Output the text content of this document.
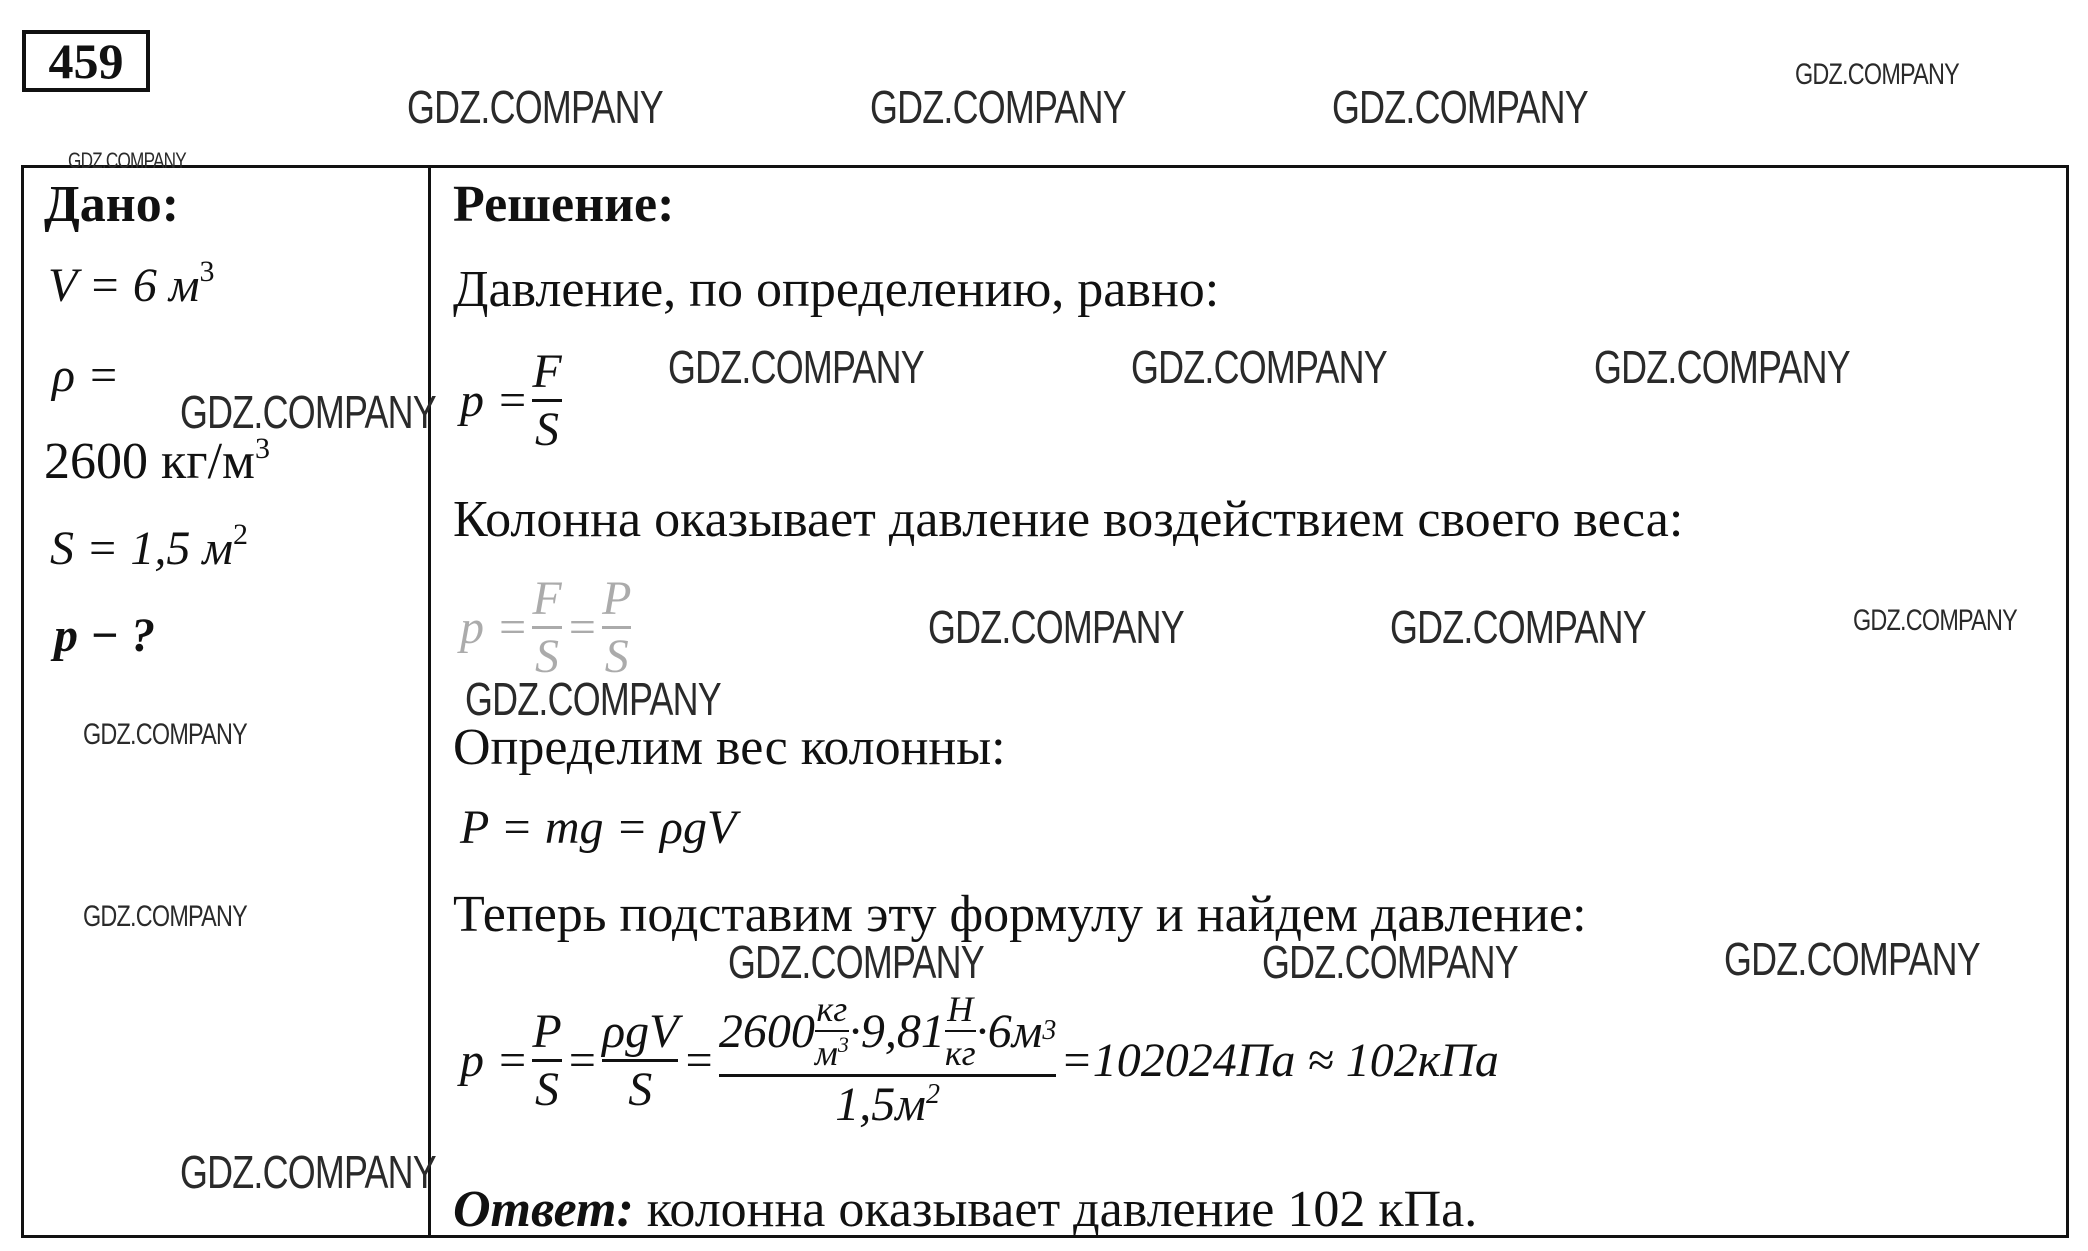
459
Дано:
V = 6 $м^3$
ρ =
2600 $кг/м^3$
S = 1,5 $м^2$
p − ?
Решение:
Давление, по определению, равно:
p =
$\frac{F}{S}$
Колонна оказывает давление воздействием своего веса:
p =
$\frac{F}{S}$
=
$\frac{P}{S}$
Определим вес колонны:
P = mg = ρgV
Теперь подставим эту формулу и найдем давление:
p =
$\frac{P}{S}$
=
$\frac{\text{ρgV}}{S}$
=
$\frac{2600 \frac{кг}{м^3} \cdot 9,81 \frac{Н}{кг} \cdot 6м 3}{1,5м^2}$
=102024Па ≈ 102кПа
Ответ: колонна оказывает давление 102 кПа.
GDZ.COMPANY	GDZ.COMPANY	GDZ.COMPANY
GDZ.COMPANY
GDZ.COMPANY
GDZ.COMPANY
GDZ.COMPANY	GDZ.COMPANY	GDZ.COMPANY
GDZ.COMPANY	GDZ.COMPANY	GDZ.COMPANY
GDZ.COMPANY
GDZ.COMPANY
GDZ.COMPANY
GDZ.COMPANY	GDZ.COMPANY	GDZ.COMPANY
GDZ.COMPANY
